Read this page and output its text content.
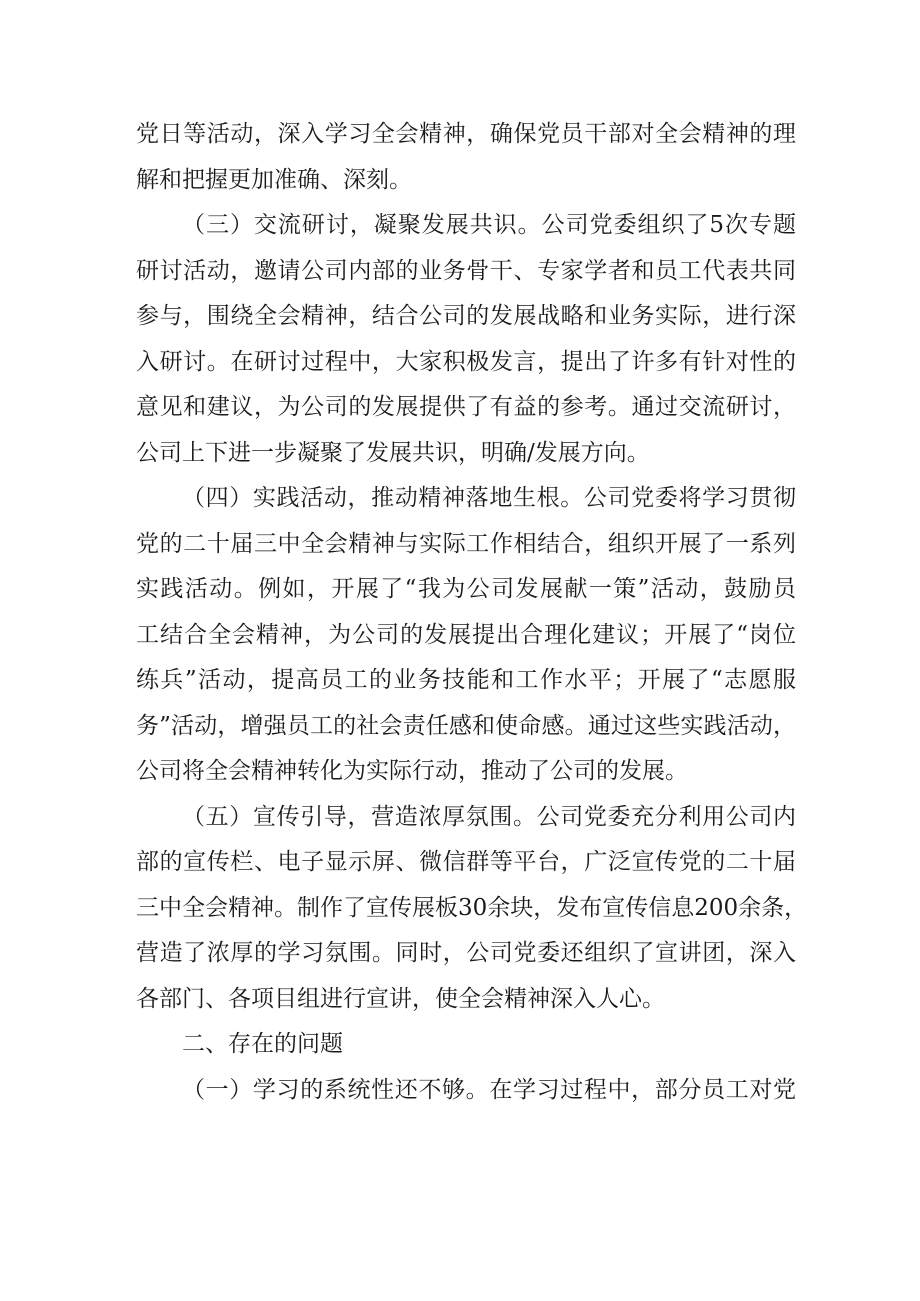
党日等活动，深入学习全会精神，确保党员干部对全会精神的理
解和把握更加准确、深刻。
（三）交流研讨，凝聚发展共识。公司党委组织了5次专题
研讨活动，邀请公司内部的业务骨干、专家学者和员工代表共同
参与，围绕全会精神，结合公司的发展战略和业务实际，进行深
入研讨。在研讨过程中，大家积极发言，提出了许多有针对性的
意见和建议，为公司的发展提供了有益的参考。通过交流研讨，
公司上下进一步凝聚了发展共识，明确/发展方向。
（四）实践活动，推动精神落地生根。公司党委将学习贯彻
党的二十届三中全会精神与实际工作相结合，组织开展了一系列
实践活动。例如，开展了“我为公司发展献一策”活动，鼓励员
工结合全会精神，为公司的发展提出合理化建议；开展了“岗位
练兵”活动，提高员工的业务技能和工作水平；开展了“志愿服
务”活动，增强员工的社会责任感和使命感。通过这些实践活动，
公司将全会精神转化为实际行动，推动了公司的发展。
（五）宣传引导，营造浓厚氛围。公司党委充分利用公司内
部的宣传栏、电子显示屏、微信群等平台，广泛宣传党的二十届
三中全会精神。制作了宣传展板30余块，发布宣传信息200余条，
营造了浓厚的学习氛围。同时，公司党委还组织了宣讲团，深入
各部门、各项目组进行宣讲，使全会精神深入人心。
二、存在的问题
（一）学习的系统性还不够。在学习过程中，部分员工对党
